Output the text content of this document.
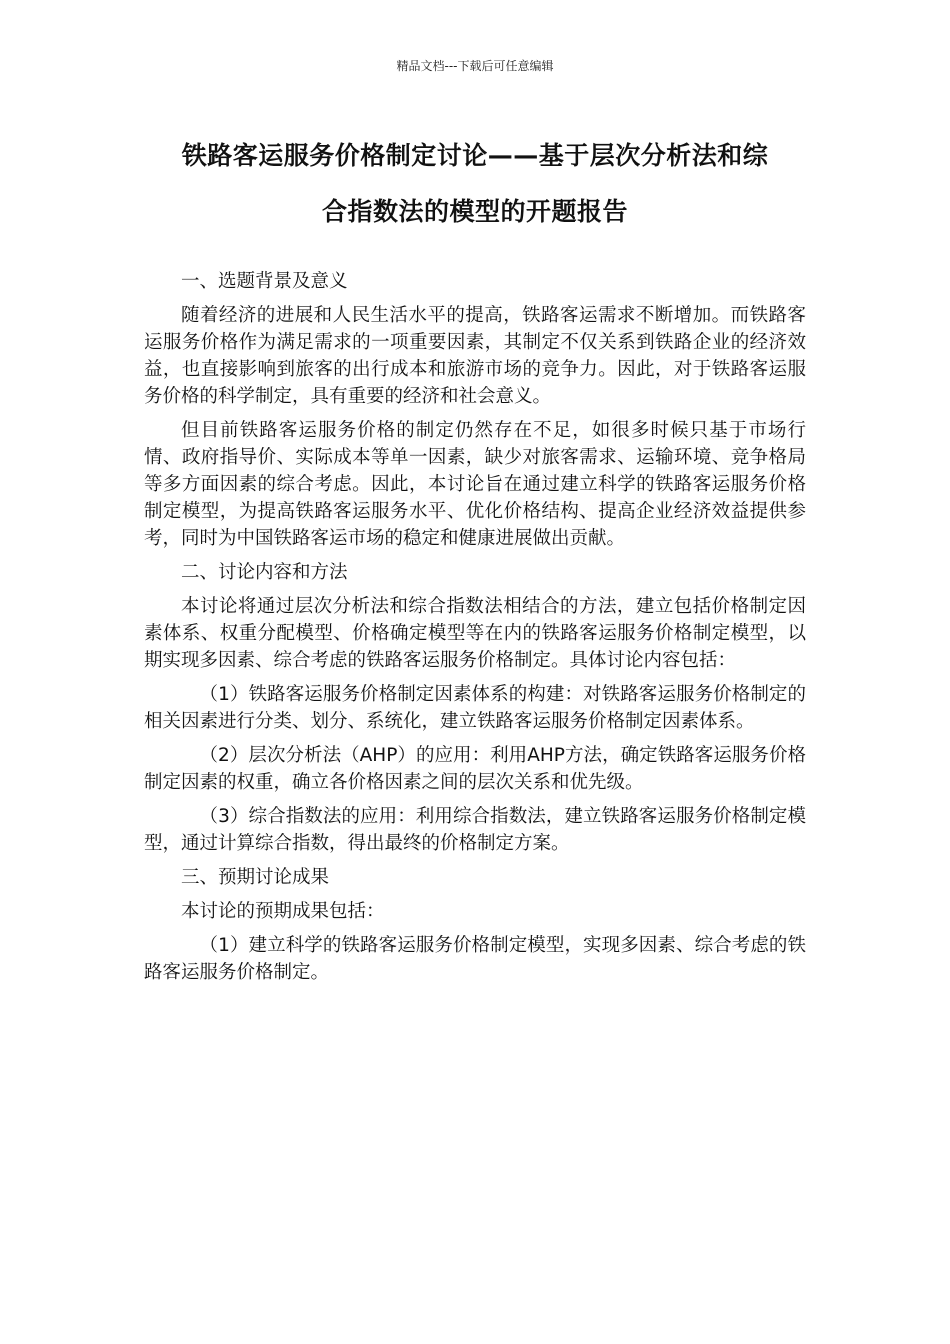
精品文档---下载后可任意编辑
铁路客运服务价格制定讨论——基于层次分析法和综
合指数法的模型的开题报告

一、选题背景及意义

随着经济的进展和人民生活水平的提高，铁路客运需求不断增加。而铁路客运服务价格作为满足需求的一项重要因素，其制定不仅关系到铁路企业的经济效益，也直接影响到旅客的出行成本和旅游市场的竞争力。因此，对于铁路客运服务价格的科学制定，具有重要的经济和社会意义。

但目前铁路客运服务价格的制定仍然存在不足，如很多时候只基于市场行情、政府指导价、实际成本等单一因素，缺少对旅客需求、运输环境、竞争格局等多方面因素的综合考虑。因此，本讨论旨在通过建立科学的铁路客运服务价格制定模型，为提高铁路客运服务水平、优化价格结构、提高企业经济效益提供参考，同时为中国铁路客运市场的稳定和健康进展做出贡献。

二、讨论内容和方法

本讨论将通过层次分析法和综合指数法相结合的方法，建立包括价格制定因素体系、权重分配模型、价格确定模型等在内的铁路客运服务价格制定模型，以期实现多因素、综合考虑的铁路客运服务价格制定。具体讨论内容包括：

（1）铁路客运服务价格制定因素体系的构建：对铁路客运服务价格制定的相关因素进行分类、划分、系统化，建立铁路客运服务价格制定因素体系。

（2）层次分析法（AHP）的应用：利用AHP方法，确定铁路客运服务价格制定因素的权重，确立各价格因素之间的层次关系和优先级。

（3）综合指数法的应用：利用综合指数法，建立铁路客运服务价格制定模型，通过计算综合指数，得出最终的价格制定方案。

三、预期讨论成果

本讨论的预期成果包括：

（1）建立科学的铁路客运服务价格制定模型，实现多因素、综合考虑的铁路客运服务价格制定。
